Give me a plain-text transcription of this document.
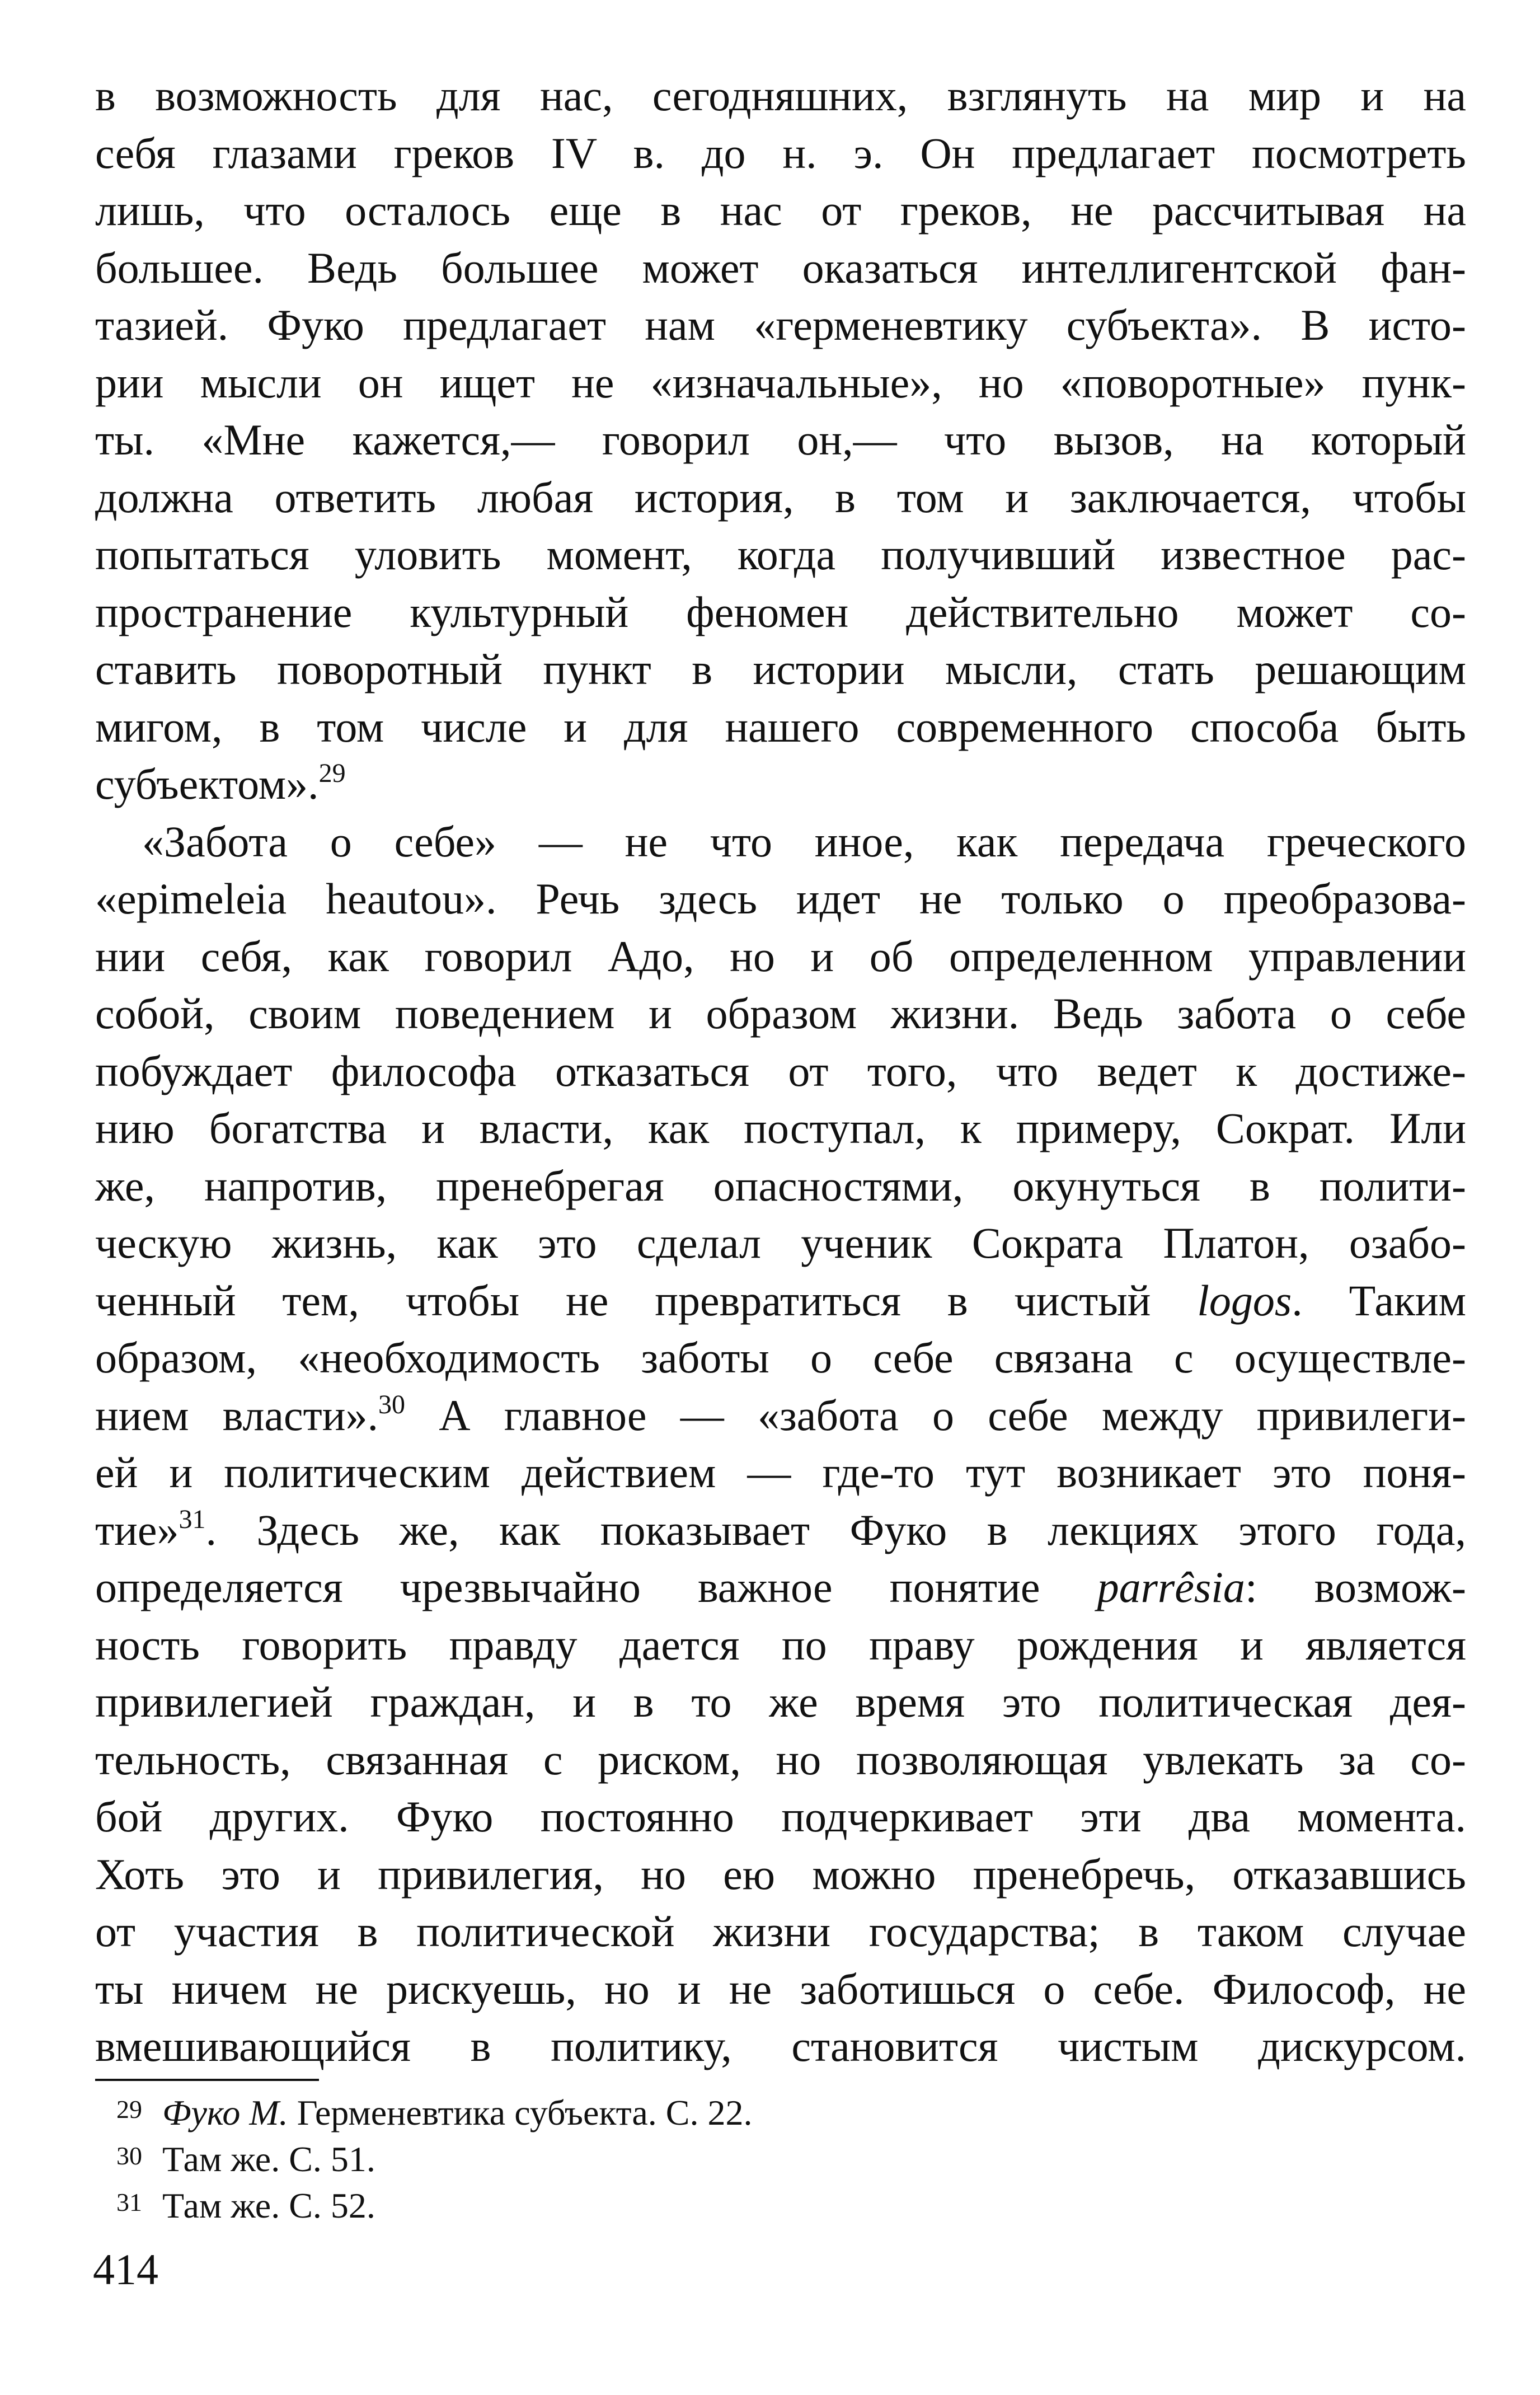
в возможность для нас, сегодняшних, взглянуть на мир и на
себя глазами греков IV в. до н. э. Он предлагает посмотреть
лишь, что осталось еще в нас от греков, не рассчитывая на
большее. Ведь большее может оказаться интеллигентской фан-
тазией. Фуко предлагает нам «герменевтику субъекта». В исто-
рии мысли он ищет не «изначальные», но «поворотные» пунк-
ты. «Мне кажется,— говорил он,— что вызов, на который
должна ответить любая история, в том и заключается, чтобы
попытаться уловить момент, когда получивший известное рас-
пространение культурный феномен действительно может со-
ставить поворотный пункт в истории мысли, стать решающим
мигом, в том числе и для нашего современного способа быть
субъектом».$^{29}$
«Забота о себе» — не что иное, как передача греческого
«epimeleia heautou». Речь здесь идет не только о преобразова-
нии себя, как говорил Адо, но и об определенном управлении
собой, своим поведением и образом жизни. Ведь забота о себе
побуждает философа отказаться от того, что ведет к достиже-
нию богатства и власти, как поступал, к примеру, Сократ. Или
же, напротив, пренебрегая опасностями, окунуться в полити-
ческую жизнь, как это сделал ученик Сократа Платон, озабо-
ченный тем, чтобы не превратиться в чистый logos. Таким
образом, «необходимость заботы о себе связана с осуществле-
нием власти».$^{30}$ А главное — «забота о себе между привилеги-
ей и политическим действием — где-то тут возникает это поня-
тие»$^{31}$. Здесь же, как показывает Фуко в лекциях этого года,
определяется чрезвычайно важное понятие parrêsia: возмож-
ность говорить правду дается по праву рождения и является
привилегией граждан, и в то же время это политическая дея-
тельность, связанная с риском, но позволяющая увлекать за со-
бой других. Фуко постоянно подчеркивает эти два момента.
Хоть это и привилегия, но ею можно пренебречь, отказавшись
от участия в политической жизни государства; в таком случае
ты ничем не рискуешь, но и не заботишься о себе. Философ, не
вмешивающийся в политику, становится чистым дискурсом.
29 Фуко М. Герменевтика субъекта. С. 22.
30 Там же. С. 51.
31 Там же. С. 52.
414
